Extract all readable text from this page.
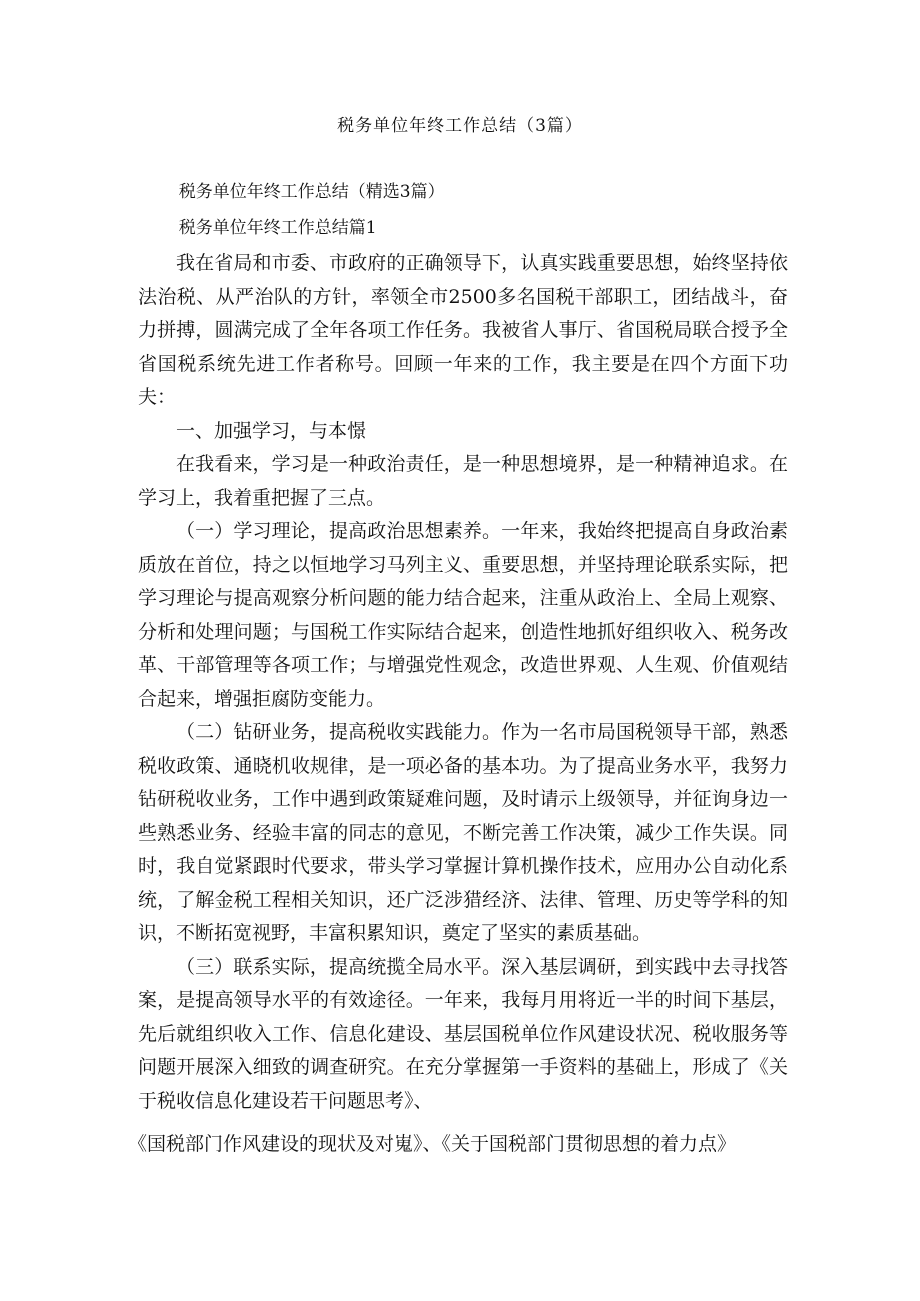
税务单位年终工作总结（3篇）

税务单位年终工作总结（精选3篇）

税务单位年终工作总结篇1

我在省局和市委、市政府的正确领导下，认真实践重要思想，始终坚持依法治税、从严治队的方针，率领全市2500多名国税干部职工，团结战斗，奋力拼搏，圆满完成了全年各项工作任务。我被省人事厅、省国税局联合授予全省国税系统先进工作者称号。回顾一年来的工作，我主要是在四个方面下功夫：

一、加强学习，与本憬

在我看来，学习是一种政治责任，是一种思想境界，是一种精神追求。在学习上，我着重把握了三点。

（一）学习理论，提高政治思想素养。一年来，我始终把提高自身政治素质放在首位，持之以恒地学习马列主义、重要思想，并坚持理论联系实际，把学习理论与提高观察分析问题的能力结合起来，注重从政治上、全局上观察、分析和处理问题；与国税工作实际结合起来，创造性地抓好组织收入、税务改革、干部管理等各项工作；与增强党性观念，改造世界观、人生观、价值观结合起来，增强拒腐防变能力。

（二）钻研业务，提高税收实践能力。作为一名市局国税领导干部，熟悉税收政策、通晓机收规律，是一项必备的基本功。为了提高业务水平，我努力钻研税收业务，工作中遇到政策疑难问题，及时请示上级领导，并征询身边一些熟悉业务、经验丰富的同志的意见，不断完善工作决策，减少工作失误。同时，我自觉紧跟时代要求，带头学习掌握计算机操作技术，应用办公自动化系统，了解金税工程相关知识，还广泛涉猎经济、法律、管理、历史等学科的知识，不断拓宽视野，丰富积累知识，奠定了坚实的素质基础。

（三）联系实际，提高统揽全局水平。深入基层调研，到实践中去寻找答案，是提高领导水平的有效途径。一年来，我每月用将近一半的时间下基层，先后就组织收入工作、信息化建设、基层国税单位作风建设状况、税收服务等问题开展深入细致的调查研究。在充分掌握第一手资料的基础上，形成了《关于税收信息化建设若干问题思考》、

《国税部门作风建设的现状及对嵬》、《关于国税部门贯彻思想的着力点》
